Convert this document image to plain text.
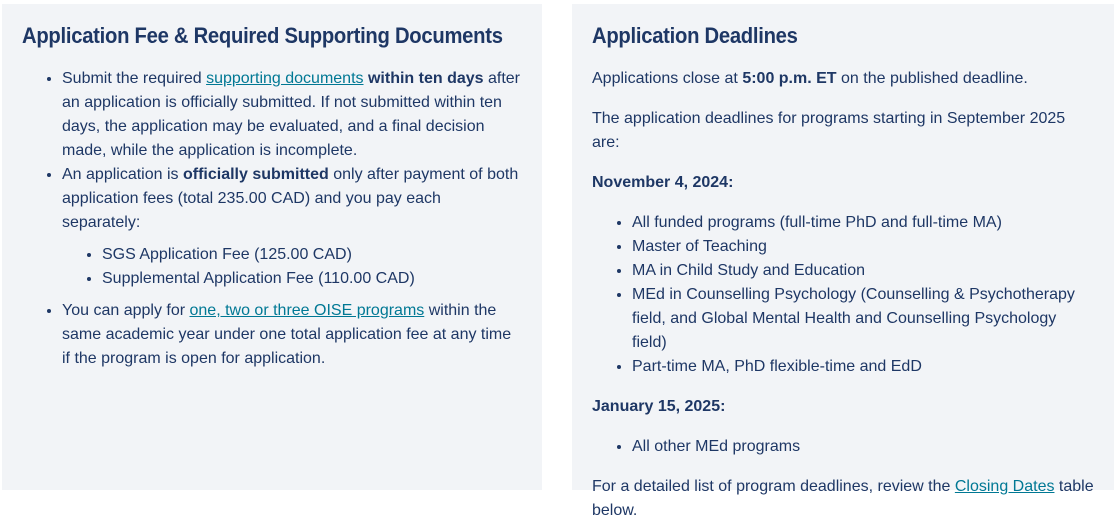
Application Fee & Required Supporting Documents
• Submit the required supporting documents within ten days after an application is officially submitted. If not submitted within ten days, the application may be evaluated, and a final decision made, while the application is incomplete.
• An application is officially submitted only after payment of both application fees (total 235.00 CAD) and you pay each separately:
• SGS Application Fee (125.00 CAD)
• Supplemental Application Fee (110.00 CAD)
• You can apply for one, two or three OISE programs within the same academic year under one total application fee at any time if the program is open for application.
Application Deadlines

Applications close at 5:00 p.m. ET on the published deadline.

The application deadlines for programs starting in September 2025 are:

November 4, 2024:

• All funded programs (full-time PhD and full-time MA)
• Master of Teaching
• MA in Child Study and Education
• MEd in Counselling Psychology (Counselling & Psychotherapy field, and Global Mental Health and Counselling Psychology field)
• Part-time MA, PhD flexible-time and EdD

January 15, 2025:

• All other MEd programs

For a detailed list of program deadlines, review the Closing Dates table below.
